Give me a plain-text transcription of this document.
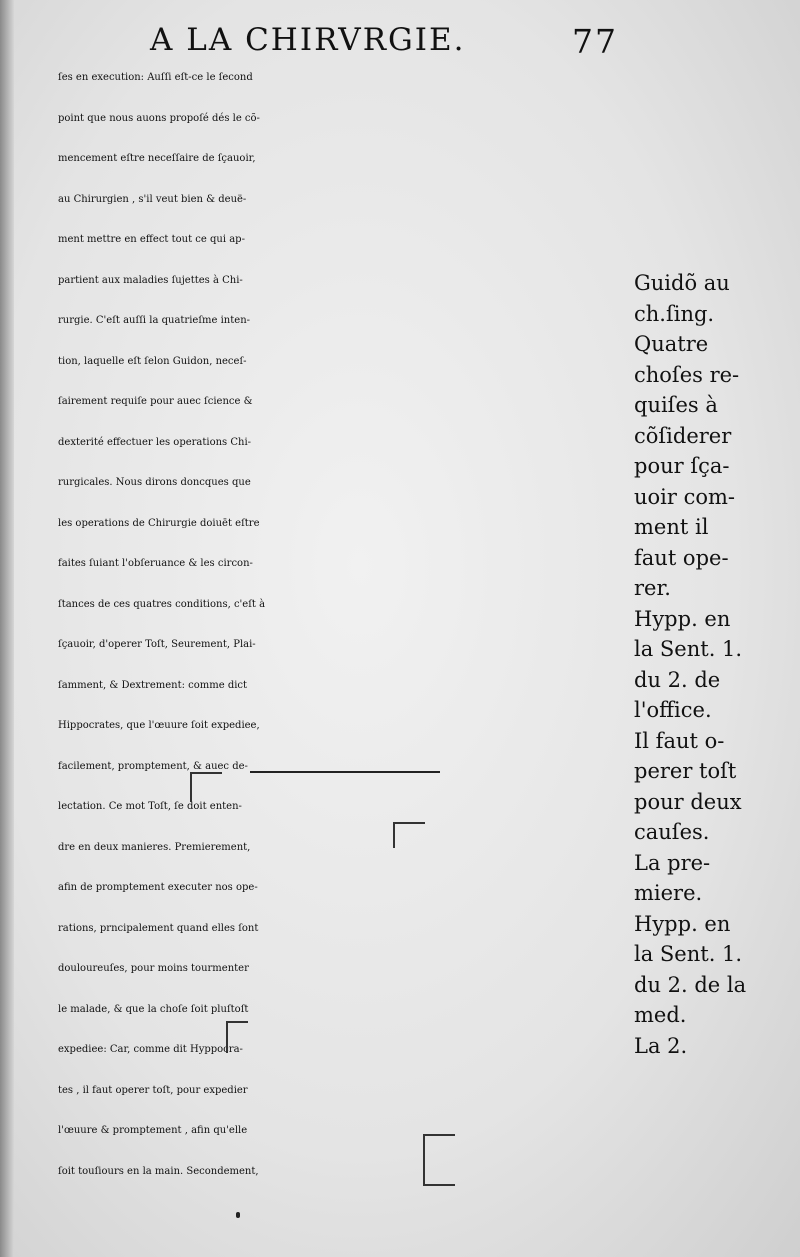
A LA CHIRVRGIE.	77
ſes en execution: Auſſi eſt-ce le ſecond
point que nous auons propoſé dés le cõ-
mencement eſtre neceſſaire de ſçauoir,
au Chirurgien , s'il veut bien & deuë-
ment mettre en effect tout ce qui ap-
partient aux maladies ſujettes à Chi-
rurgie. C'eſt auſſi la quatrieſme inten-
tion, laquelle eſt ſelon Guidon, neceſ-
ſairement requiſe pour auec ſcience &
dexterité effectuer les operations Chi-
rurgicales. Nous dirons doncques que
les operations de Chirurgie doiuēt eſtre
faites ſuiant l'obſeruance & les circon-
ſtances de ces quatres conditions, c'eſt à
ſçauoir, d'operer Toſt, Seurement, Plai-
ſamment, & Dextrement: comme dict
Hippocrates, que l'œuure ſoit expediee,
facilement, promptement, & auec de-
lectation. Ce mot Toſt, ſe doit enten-
dre en deux manieres. Premierement,
afin de promptement executer nos ope-
rations, prncipalement quand elles ſont
douloureuſes, pour moins tourmenter
le malade, & que la choſe ſoit pluſtoſt
expediee: Car, comme dit Hyppocra-
tes , il faut operer toſt, pour expedier
l'œuure & promptement , afin qu'elle
ſoit touſiours en la main. Secondement,
Guidõ au
ch.ſing.
Quatre
choſes re-
quiſes à
cõſiderer
pour ſça-
uoir com-
ment il
faut ope-
rer.
Hypp. en
la Sent. 1.
du 2. de
l'office.
Il faut o-
perer toſt
pour deux
cauſes.
La pre-
miere.
Hypp. en
la Sent. 1.
du 2. de la
med.
La 2.
